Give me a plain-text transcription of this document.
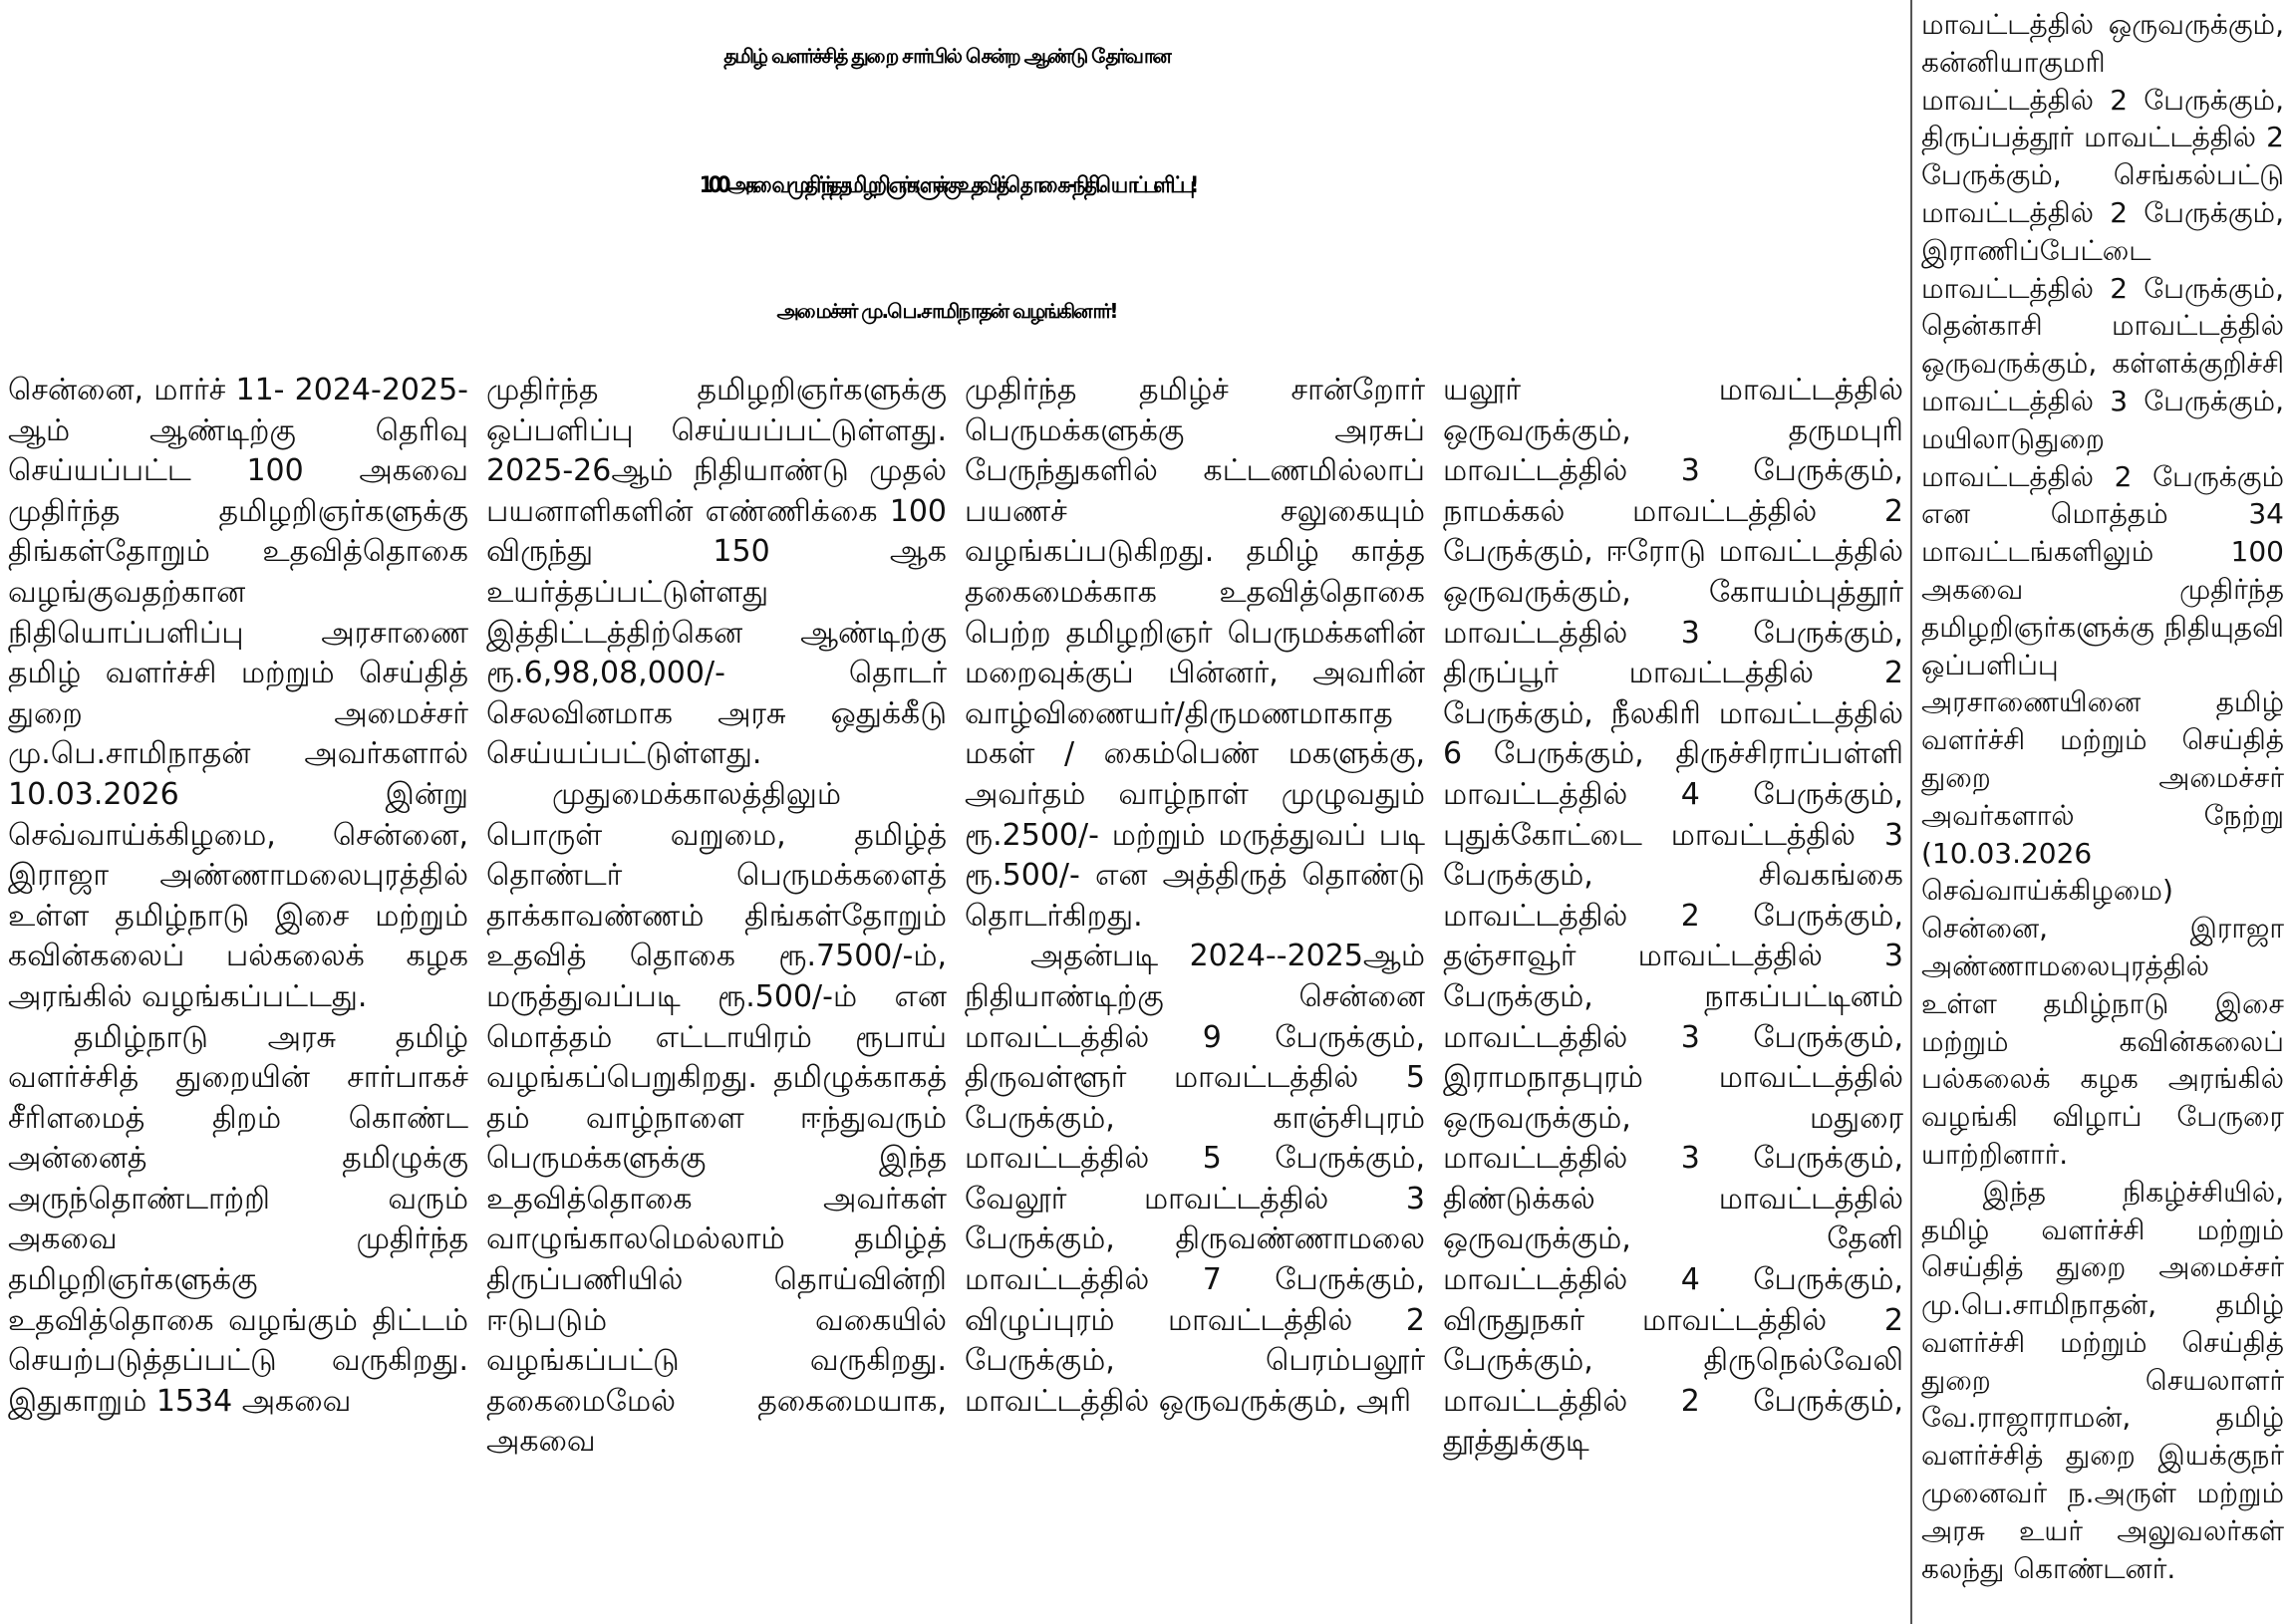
தமிழ் வளர்ச்சித் துறை சார்பில் சென்ற ஆண்டு தேர்வான
100 அகவை முதிர்ந்த தமிழறிஞர்களுக்கு உதவித்தொகை - நிதியொப்பளிப்பு!
அமைச்சர் மு.பெ.சாமிநாதன் வழங்கினார்!

சென்னை, மார்ச் 11- 2024-2025-ஆம் ஆண்டிற்கு தெரிவு செய்யப்பட்ட 100 அகவை முதிர்ந்த தமிழறிஞர்களுக்கு திங்கள்தோறும் உதவித்தொகை வழங்குவதற்கான நிதியொப்பளிப்பு அரசாணை தமிழ் வளர்ச்சி மற்றும் செய்தித் துறை அமைச்சர் மு.பெ.சாமிநாதன் அவர்களால் 10.03.2026 இன்று செவ்வாய்க்கிழமை, சென்னை, இராஜா அண்ணாமலைபுரத்தில் உள்ள தமிழ்நாடு இசை மற்றும் கவின்கலைப் பல்கலைக் கழக அரங்கில் வழங்கப்பட்டது.

தமிழ்நாடு அரசு தமிழ் வளர்ச்சித் துறையின் சார்பாகச் சீரிளமைத் திறம் கொண்ட அன்னைத் தமிழுக்கு அருந்தொண்டாற்றி வரும் அகவை முதிர்ந்த தமிழறிஞர்களுக்கு உதவித்தொகை வழங்கும் திட்டம் செயற்படுத்தப்பட்டு வருகிறது. இதுகாறும் 1534 அகவை

முதிர்ந்த தமிழறிஞர்களுக்கு ஒப்பளிப்பு செய்யப்பட்டுள்ளது. 2025-26ஆம் நிதியாண்டு முதல் பயனாளிகளின் எண்ணிக்கை 100 விருந்து 150 ஆக உயர்த்தப்பட்டுள்ளது இத்திட்டத்திற்கென ஆண்டிற்கு ரூ.6,98,08,000/- தொடர் செலவினமாக அரசு ஒதுக்கீடு செய்யப்பட்டுள்ளது.

முதுமைக்காலத்திலும் பொருள் வறுமை, தமிழ்த் தொண்டர் பெருமக்களைத் தாக்காவண்ணம் திங்கள்தோறும் உதவித் தொகை ரூ.7500/-ம், மருத்துவப்படி ரூ.500/-ம் என மொத்தம் எட்டாயிரம் ரூபாய் வழங்கப்பெறுகிறது. தமிழுக்காகத் தம் வாழ்நாளை ஈந்துவரும் பெருமக்களுக்கு இந்த உதவித்தொகை அவர்கள் வாழுங்காலமெல்லாம் தமிழ்த் திருப்பணியில் தொய்வின்றி ஈடுபடும் வகையில் வழங்கப்பட்டு வருகிறது. தகைமைமேல் தகைமையாக, அகவை

முதிர்ந்த தமிழ்ச் சான்றோர் பெருமக்களுக்கு அரசுப் பேருந்துகளில் கட்டணமில்லாப் பயணச் சலுகையும் வழங்கப்படுகிறது. தமிழ் காத்த தகைமைக்காக உதவித்தொகை பெற்ற தமிழறிஞர் பெருமக்களின் மறைவுக்குப் பின்னர், அவரின் வாழ்விணையர்/திருமணமாகாத மகள் / கைம்பெண் மகளுக்கு, அவர்தம் வாழ்நாள் முழுவதும் ரூ.2500/- மற்றும் மருத்துவப் படி ரூ.500/- என அத்திருத் தொண்டு தொடர்கிறது.

அதன்படி 2024--2025ஆம் நிதியாண்டிற்கு சென்னை மாவட்டத்தில் 9 பேருக்கும், திருவள்ளூர் மாவட்டத்தில் 5 பேருக்கும், காஞ்சிபுரம் மாவட்டத்தில் 5 பேருக்கும், வேலூர் மாவட்டத்தில் 3 பேருக்கும், திருவண்ணாமலை மாவட்டத்தில் 7 பேருக்கும், விழுப்புரம் மாவட்டத்தில் 2 பேருக்கும், பெரம்பலூர் மாவட்டத்தில் ஒருவருக்கும், அரி

யலூர் மாவட்டத்தில் ஒருவருக்கும், தருமபுரி மாவட்டத்தில் 3 பேருக்கும், நாமக்கல் மாவட்டத்தில் 2 பேருக்கும், ஈரோடு மாவட்டத்தில் ஒருவருக்கும், கோயம்புத்தூர் மாவட்டத்தில் 3 பேருக்கும், திருப்பூர் மாவட்டத்தில் 2 பேருக்கும், நீலகிரி மாவட்டத்தில் 6 பேருக்கும், திருச்சிராப்பள்ளி மாவட்டத்தில் 4 பேருக்கும், புதுக்கோட்டை மாவட்டத்தில் 3 பேருக்கும், சிவகங்கை மாவட்டத்தில் 2 பேருக்கும், தஞ்சாவூர் மாவட்டத்தில் 3 பேருக்கும், நாகப்பட்டினம் மாவட்டத்தில் 3 பேருக்கும், இராமநாதபுரம் மாவட்டத்தில் ஒருவருக்கும், மதுரை மாவட்டத்தில் 3 பேருக்கும், திண்டுக்கல் மாவட்டத்தில் ஒருவருக்கும், தேனி மாவட்டத்தில் 4 பேருக்கும், விருதுநகர் மாவட்டத்தில் 2 பேருக்கும், திருநெல்வேலி மாவட்டத்தில் 2 பேருக்கும், தூத்துக்குடி

மாவட்டத்தில் ஒருவருக்கும், கன்னியாகுமரி மாவட்டத்தில் 2 பேருக்கும், திருப்பத்தூர் மாவட்டத்தில் 2 பேருக்கும், செங்கல்பட்டு மாவட்டத்தில் 2 பேருக்கும், இராணிப்பேட்டை மாவட்டத்தில் 2 பேருக்கும், தென்காசி மாவட்டத்தில் ஒருவருக்கும், கள்ளக்குறிச்சி மாவட்டத்தில் 3 பேருக்கும், மயிலாடுதுறை மாவட்டத்தில் 2 பேருக்கும் என மொத்தம் 34 மாவட்டங்களிலும் 100 அகவை முதிர்ந்த தமிழறிஞர்களுக்கு நிதியுதவி ஒப்பளிப்பு அரசாணையினை தமிழ் வளர்ச்சி மற்றும் செய்தித் துறை அமைச்சர் அவர்களால் நேற்று (10.03.2026 செவ்வாய்க்கிழமை) சென்னை, இராஜா அண்ணாமலைபுரத்தில் உள்ள தமிழ்நாடு இசை மற்றும் கவின்கலைப் பல்கலைக் கழக அரங்கில் வழங்கி விழாப் பேருரை யாற்றினார்.

இந்த நிகழ்ச்சியில், தமிழ் வளர்ச்சி மற்றும் செய்தித் துறை அமைச்சர் மு.பெ.சாமிநாதன், தமிழ் வளர்ச்சி மற்றும் செய்தித் துறை செயலாளர் வே.ராஜாராமன், தமிழ் வளர்ச்சித் துறை இயக்குநர் முனைவர் ந.அருள் மற்றும் அரசு உயர் அலுவலர்கள் கலந்து கொண்டனர்.
